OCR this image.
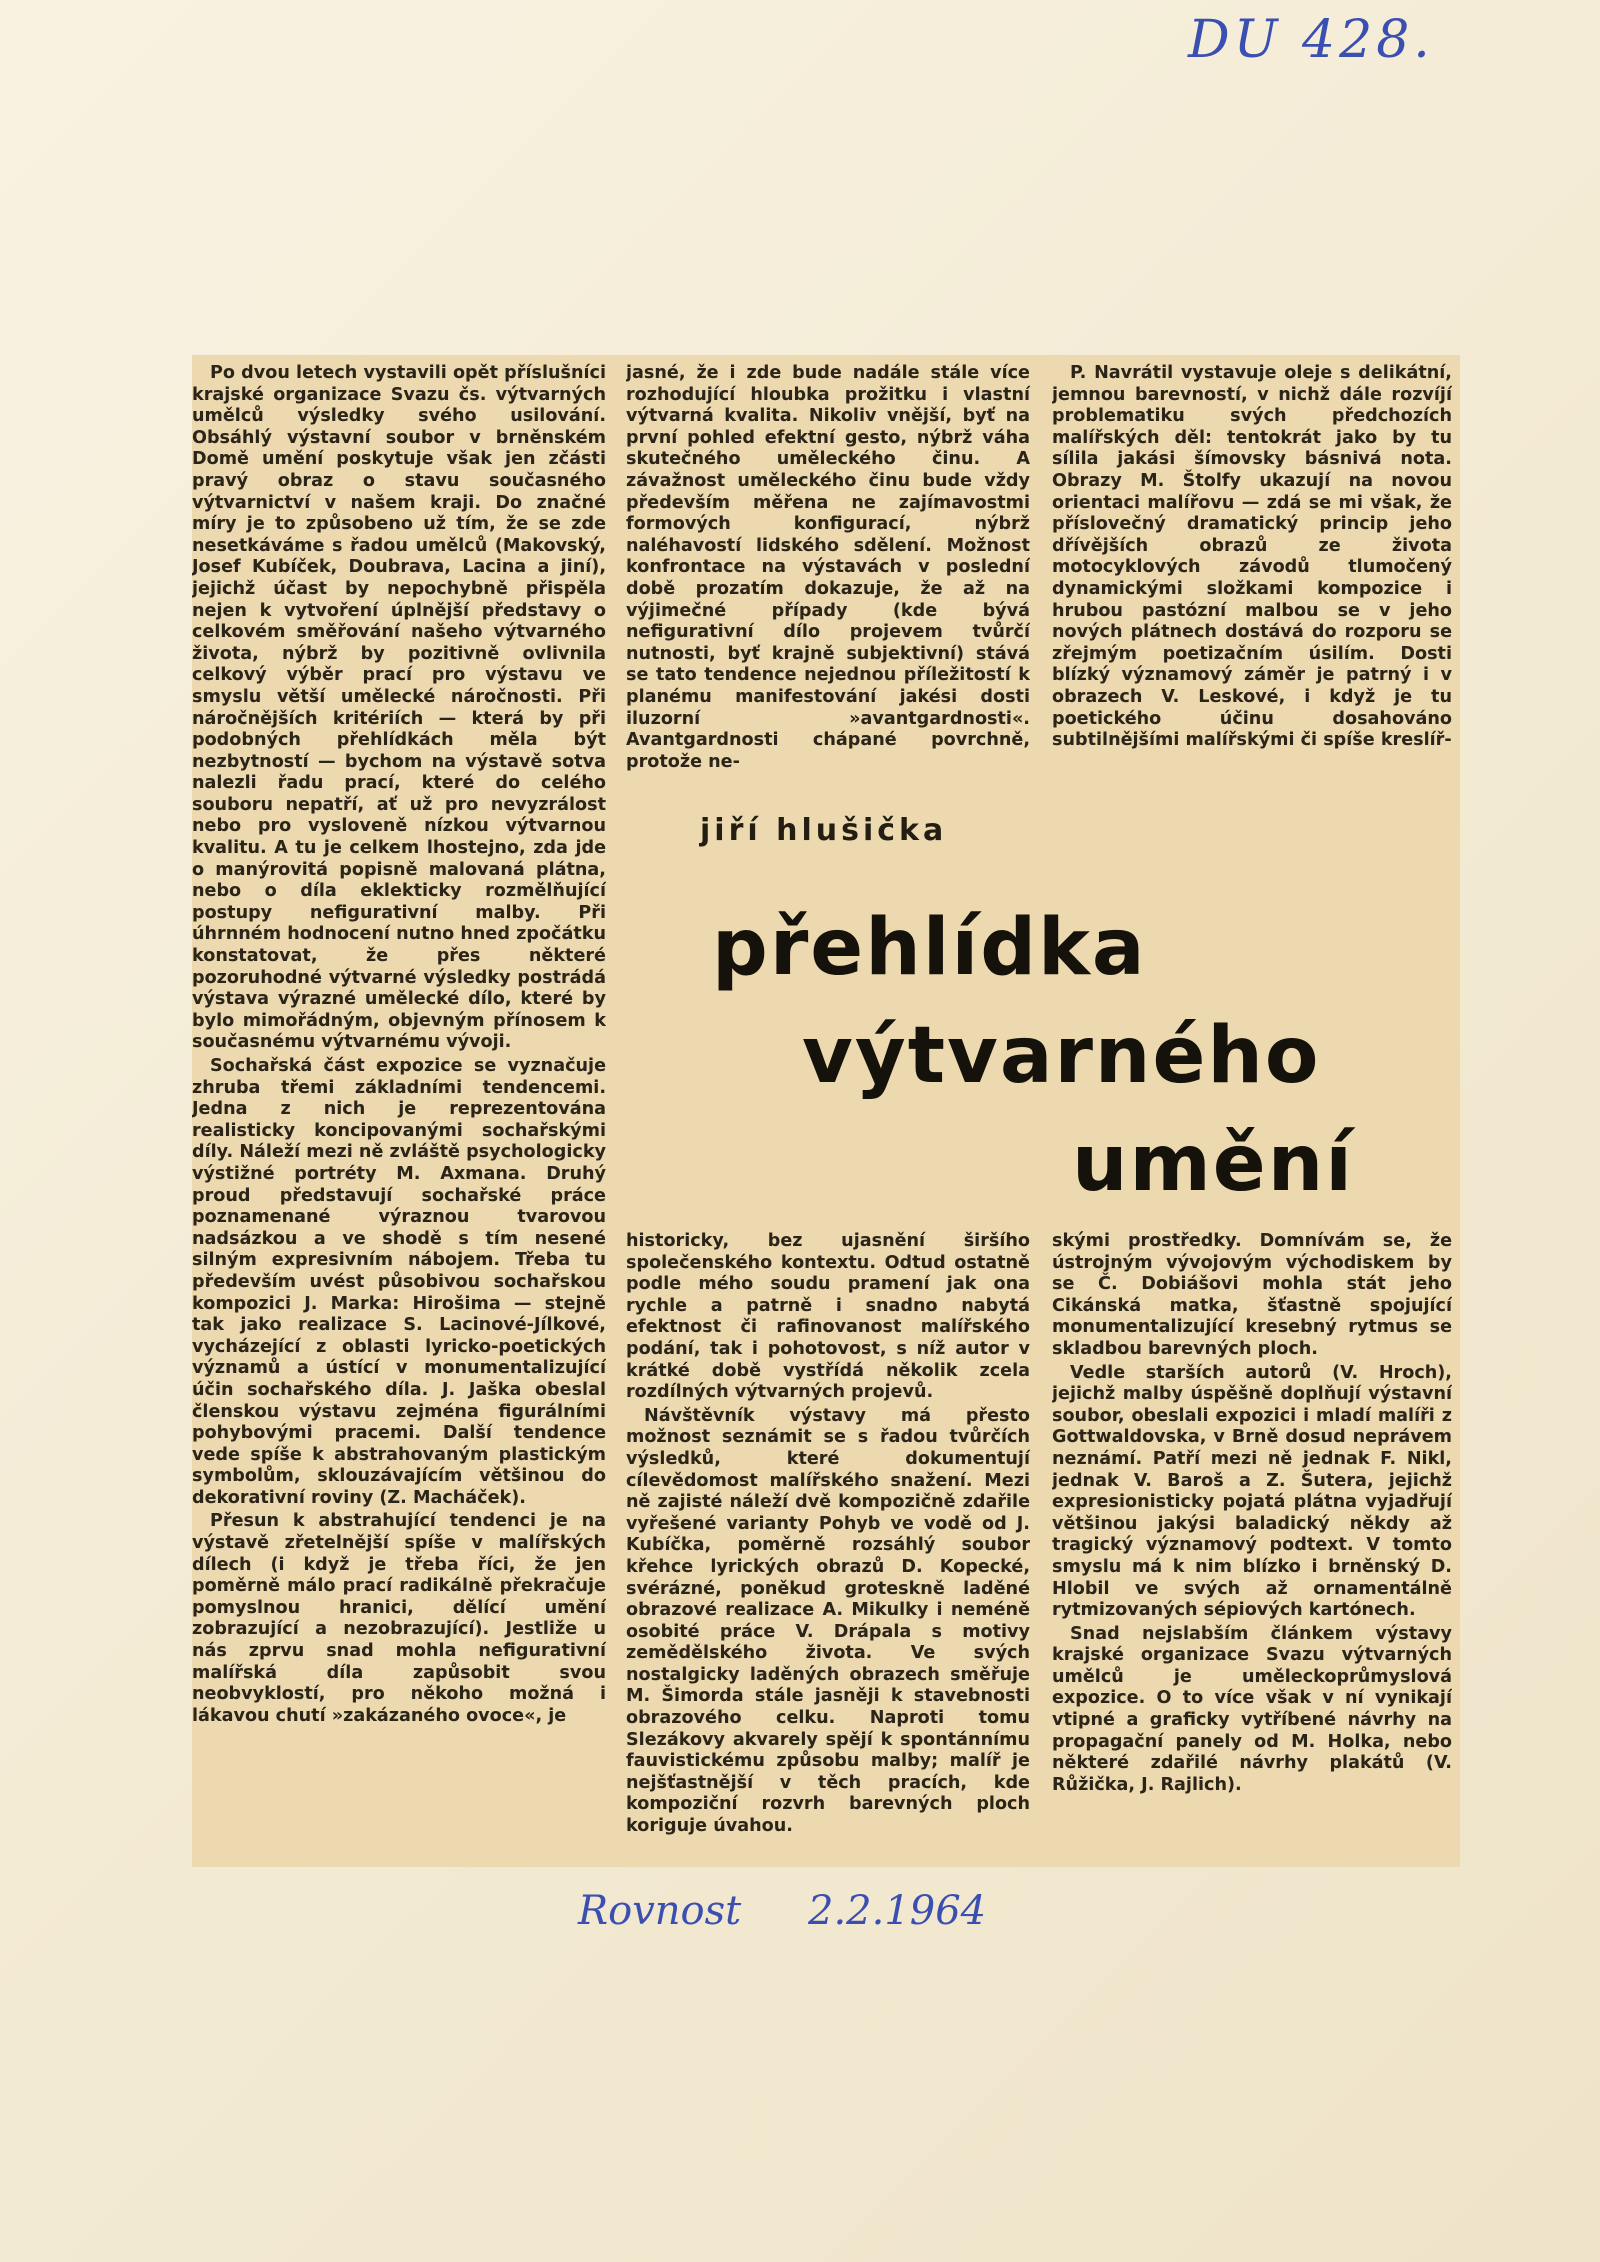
DU 428.

Po dvou letech vystavili opět příslušníci krajské organizace Svazu čs. výtvarných umělců výsledky svého usilování. Obsáhlý výstavní soubor v brněnském Domě umění poskytuje však jen zčásti pravý obraz o stavu současného výtvarnictví v našem kraji. Do značné míry je to způsobeno už tím, že se zde nesetkáváme s řadou umělců (Makovský, Josef Kubíček, Doubrava, Lacina a jiní), jejichž účast by nepochybně přispěla nejen k vytvoření úplnější představy o celkovém směřování našeho výtvarného života, nýbrž by pozitivně ovlivnila celkový výběr prací pro výstavu ve smyslu větší umělecké náročnosti. Při náročnějších kritériích — která by při podobných přehlídkách měla být nezbytností — bychom na výstavě sotva nalezli řadu prací, které do celého souboru nepatří, ať už pro nevyzrálost nebo pro vysloveně nízkou výtvarnou kvalitu. A tu je celkem lhostejno, zda jde o manýrovitá popisně malovaná plátna, nebo o díla eklekticky rozmělňující postupy nefigurativní malby. Při úhrnném hodnocení nutno hned zpočátku konstatovat, že přes některé pozoruhodné výtvarné výsledky postrádá výstava výrazné umělecké dílo, které by bylo mimořádným, objevným přínosem k současnému výtvarnému vývoji.

Sochařská část expozice se vyznačuje zhruba třemi základními tendencemi. Jedna z nich je reprezentována realisticky koncipovanými sochařskými díly. Náleží mezi ně zvláště psychologicky výstižné portréty M. Axmana. Druhý proud představují sochařské práce poznamenané výraznou tvarovou nadsázkou a ve shodě s tím nesené silným expresivním nábojem. Třeba tu především uvést působivou sochařskou kompozici J. Marka: Hirošima — stejně tak jako realizace S. Lacinové-Jílkové, vycházející z oblasti lyricko-poetických významů a ústící v monumentalizující účin sochařského díla. J. Jaška obeslal členskou výstavu zejména figurálními pohybovými pracemi. Další tendence vede spíše k abstrahovaným plastickým symbolům, sklouzávajícím většinou do dekorativní roviny (Z. Macháček).

Přesun k abstrahující tendenci je na výstavě zřetelnější spíše v malířských dílech (i když je třeba říci, že jen poměrně málo prací radikálně překračuje pomyslnou hranici, dělící umění zobrazující a nezobrazující). Jestliže u nás zprvu snad mohla nefigurativní malířská díla zapůsobit svou neobvyklostí, pro někoho možná i lákavou chutí »zakázaného ovoce«, je

jasné, že i zde bude nadále stále více rozhodující hloubka prožitku i vlastní výtvarná kvalita. Nikoliv vnější, byť na první pohled efektní gesto, nýbrž váha skutečného uměleckého činu. A závažnost uměleckého činu bude vždy především měřena ne zajímavostmi formových konfigurací, nýbrž naléhavostí lidského sdělení. Možnost konfrontace na výstavách v poslední době prozatím dokazuje, že až na výjimečné případy (kde bývá nefigurativní dílo projevem tvůrčí nutnosti, byť krajně subjektivní) stává se tato tendence nejednou příležitostí k planému manifestování jakési dosti iluzorní »avantgardnosti«. Avantgardnosti chápané povrchně, protože ne-

P. Navrátil vystavuje oleje s delikátní, jemnou barevností, v nichž dále rozvíjí problematiku svých předchozích malířských děl: tentokrát jako by tu sílila jakási šímovsky básnivá nota. Obrazy M. Štolfy ukazují na novou orientaci malířovu — zdá se mi však, že příslovečný dramatický princip jeho dřívějších obrazů ze života motocyklových závodů tlumočený dynamickými složkami kompozice i hrubou pastózní malbou se v jeho nových plátnech dostává do rozporu se zřejmým poetizačním úsilím. Dosti blízký významový záměr je patrný i v obrazech V. Leskové, i když je tu poetického účinu dosahováno subtilnějšími malířskými či spíše kreslíř-

historicky, bez ujasnění širšího společenského kontextu. Odtud ostatně podle mého soudu pramení jak ona rychle a patrně i snadno nabytá efektnost či rafinovanost malířského podání, tak i pohotovost, s níž autor v krátké době vystřídá několik zcela rozdílných výtvarných projevů.

Návštěvník výstavy má přesto možnost seznámit se s řadou tvůrčích výsledků, které dokumentují cílevědomost malířského snažení. Mezi ně zajisté náleží dvě kompozičně zdařile vyřešené varianty Pohyb ve vodě od J. Kubíčka, poměrně rozsáhlý soubor křehce lyrických obrazů D. Kopecké, svérázné, poněkud groteskně laděné obrazové realizace A. Mikulky i neméně osobité práce V. Drápala s motivy zemědělského života. Ve svých nostalgicky laděných obrazech směřuje M. Šimorda stále jasněji k stavebnosti obrazového celku. Naproti tomu Slezákovy akvarely spějí k spontánnímu fauvistickému způsobu malby; malíř je nejšťastnější v těch pracích, kde kompoziční rozvrh barevných ploch koriguje úvahou.

skými prostředky. Domnívám se, že ústrojným vývojovým východiskem by se Č. Dobiášovi mohla stát jeho Cikánská matka, šťastně spojující monumentalizující kresebný rytmus se skladbou barevných ploch.

Vedle starších autorů (V. Hroch), jejichž malby úspěšně doplňují výstavní soubor, obeslali expozici i mladí malíři z Gottwaldovska, v Brně dosud neprávem neznámí. Patří mezi ně jednak F. Nikl, jednak V. Baroš a Z. Šutera, jejichž expresionisticky pojatá plátna vyjadřují většinou jakýsi baladický někdy až tragický významový podtext. V tomto smyslu má k nim blízko i brněnský D. Hlobil ve svých až ornamentálně rytmizovaných sépiových kartónech.

Snad nejslabším článkem výstavy krajské organizace Svazu výtvarných umělců je uměleckoprůmyslová expozice. O to více však v ní vynikají vtipné a graficky vytříbené návrhy na propagační panely od M. Holka, nebo některé zdařilé návrhy plakátů (V. Růžička, J. Rajlich).

jiří hlušička
přehlídka
výtvarného
umění
Rovnost 2.2.1964
